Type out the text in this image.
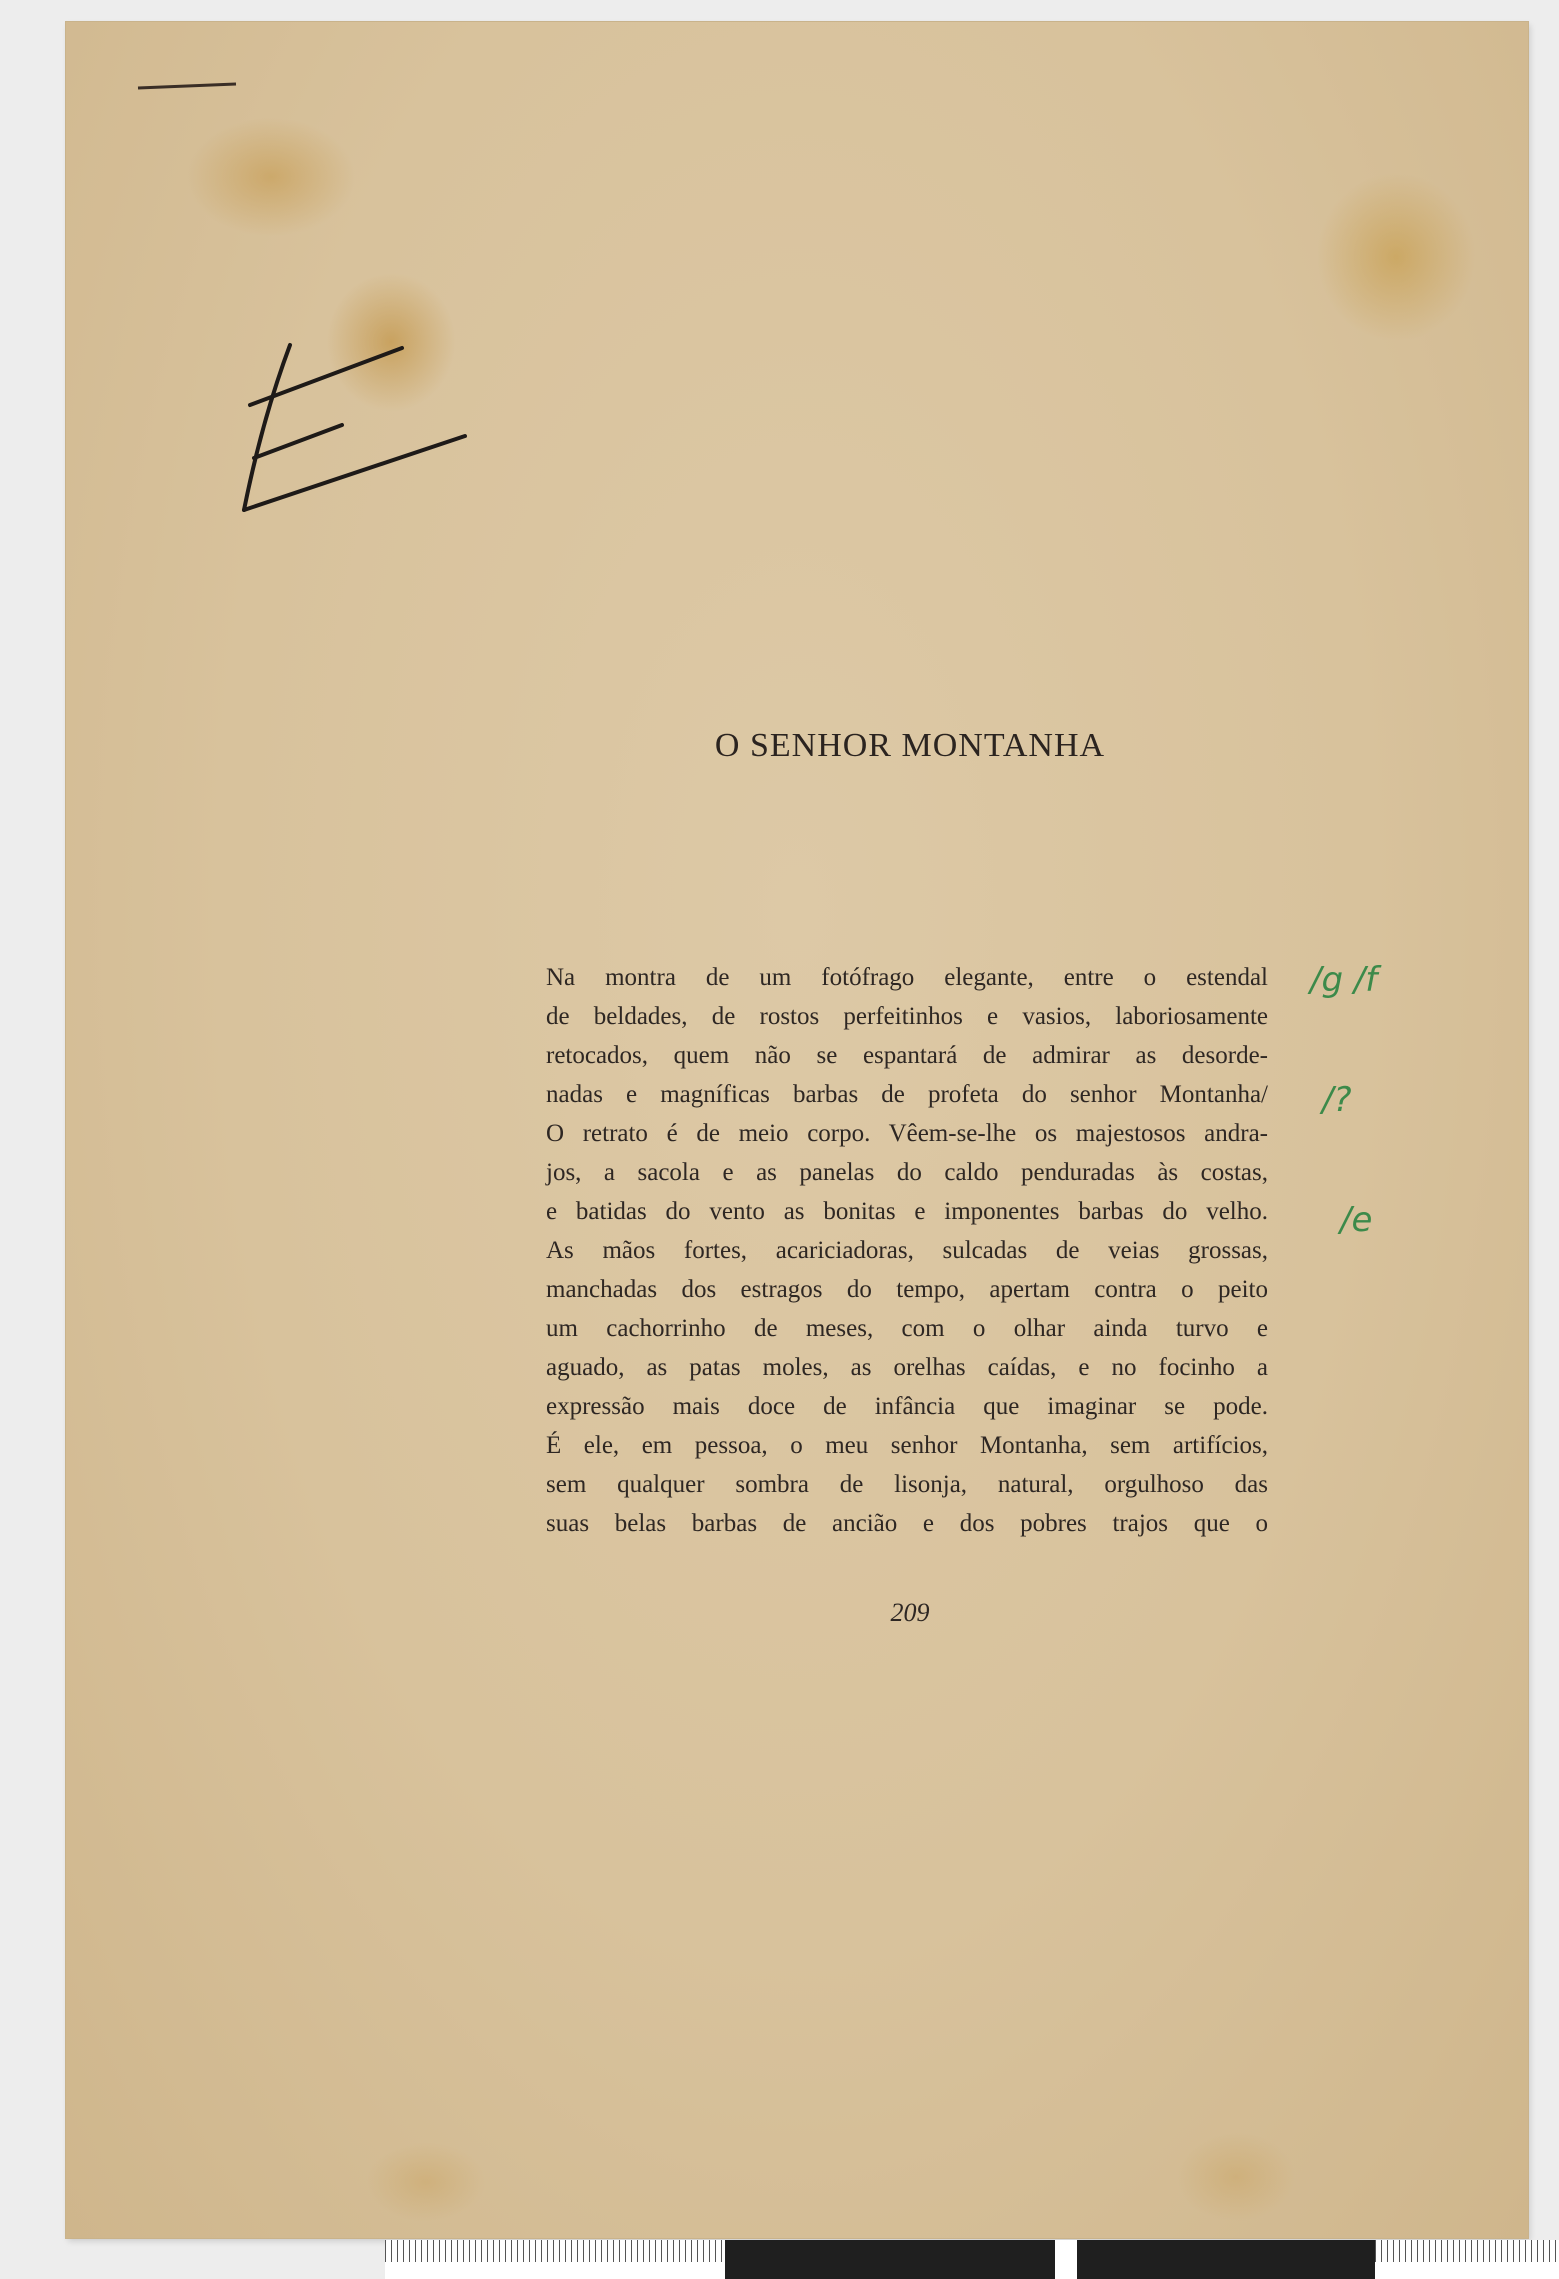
O SENHOR MONTANHA
Na montra de um fotófrago elegante, entre o estendal
de beldades, de rostos perfeitinhos e vasios, laboriosamente
retocados, quem não se espantará de admirar as desorde-
nadas e magníficas barbas de profeta do senhor Montanha/
O retrato é de meio corpo. Vêem-se-lhe os majestosos andra-
jos, a sacola e as panelas do caldo penduradas às costas,
e batidas do vento as bonitas e imponentes barbas do velho.
As mãos fortes, acariciadoras, sulcadas de veias grossas,
manchadas dos estragos do tempo, apertam contra o peito
um cachorrinho de meses, com o olhar ainda turvo e
aguado, as patas moles, as orelhas caídas, e no focinho a
expressão mais doce de infância que imaginar se pode.
É ele, em pessoa, o meu senhor Montanha, sem artifícios,
sem qualquer sombra de lisonja, natural, orgulhoso das
suas belas barbas de ancião e dos pobres trajos que o
/g /f
/?
/e
209
